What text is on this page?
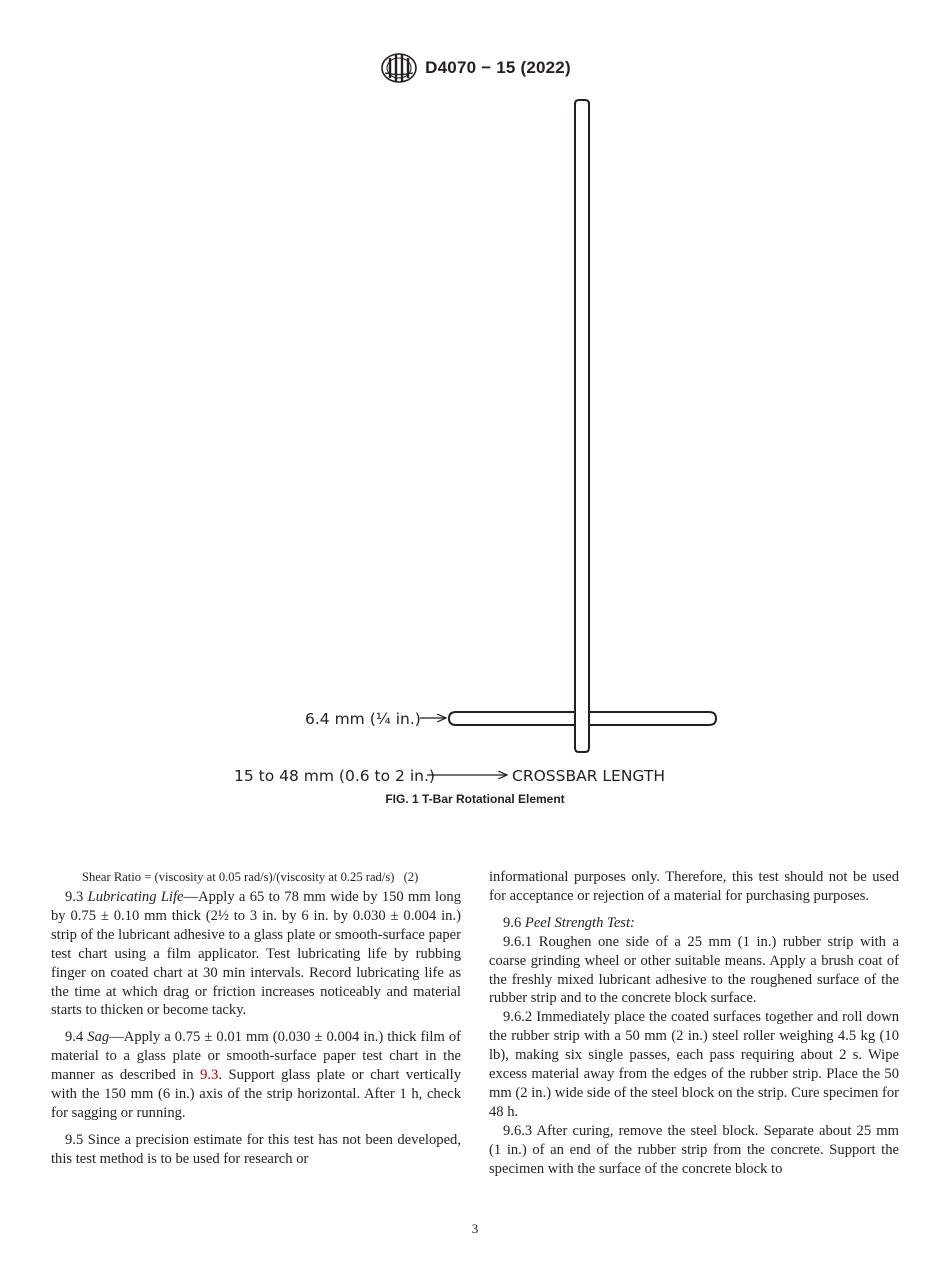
D4070 − 15 (2022)
6.4 mm (¼ in.)
15 to 48 mm (0.6 to 2 in.)	CROSSBAR LENGTH
FIG. 1 T-Bar Rotational Element
Shear Ratio = (viscosity at 0.05 rad/s)/(viscosity at 0.25 rad/s) (2)

9.3 Lubricating Life—Apply a 65 to 78 mm wide by 150 mm long by 0.75 ± 0.10 mm thick (2½ to 3 in. by 6 in. by 0.030 ± 0.004 in.) strip of the lubricant adhesive to a glass plate or smooth-surface paper test chart using a film applicator. Test lubricating life by rubbing finger on coated chart at 30 min intervals. Record lubricating life as the time at which drag or friction increases noticeably and material starts to thicken or become tacky.

9.4 Sag—Apply a 0.75 ± 0.01 mm (0.030 ± 0.004 in.) thick film of material to a glass plate or smooth-surface paper test chart in the manner as described in 9.3. Support glass plate or chart vertically with the 150 mm (6 in.) axis of the strip horizontal. After 1 h, check for sagging or running.

9.5 Since a precision estimate for this test has not been developed, this test method is to be used for research or

informational purposes only. Therefore, this test should not be used for acceptance or rejection of a material for purchasing purposes.

9.6 Peel Strength Test:

9.6.1 Roughen one side of a 25 mm (1 in.) rubber strip with a coarse grinding wheel or other suitable means. Apply a brush coat of the freshly mixed lubricant adhesive to the roughened surface of the rubber strip and to the concrete block surface.

9.6.2 Immediately place the coated surfaces together and roll down the rubber strip with a 50 mm (2 in.) steel roller weighing 4.5 kg (10 lb), making six single passes, each pass requiring about 2 s. Wipe excess material away from the edges of the rubber strip. Place the 50 mm (2 in.) wide side of the steel block on the strip. Cure specimen for 48 h.

9.6.3 After curing, remove the steel block. Separate about 25 mm (1 in.) of an end of the rubber strip from the concrete. Support the specimen with the surface of the concrete block to

3
